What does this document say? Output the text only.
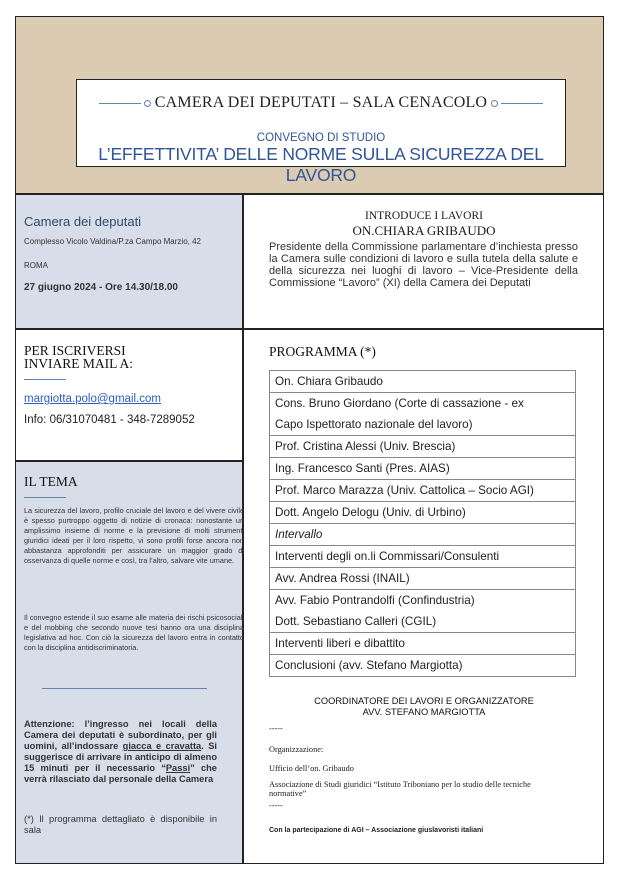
CAMERA DEI DEPUTATI – SALA CENACOLO
CONVEGNO DI STUDIO
L’EFFETTIVITA’ DELLE NORME SULLA SICUREZZA DEL LAVORO
Camera dei deputati
Complesso Vicolo Valdina/P.za Campo Marzio, 42
ROMA
27 giugno 2024 - Ore 14.30/18.00
INTRODUCE I LAVORI
ON.CHIARA GRIBAUDO
Presidente della Commissione parlamentare d’inchiesta presso la Camera sulle condizioni di lavoro e sulla tutela della salute e della sicurezza nei luoghi di lavoro – Vice-Presidente della Commissione “Lavoro” (XI) della Camera dei Deputati
PER ISCRIVERSI
INVIARE MAIL A:
margiotta.polo@gmail.com
Info: 06/31070481 - 348-7289052
IL TEMA
La sicurezza del lavoro, profilo cruciale del lavoro e del vivere civile è spesso purtroppo oggetto di notizie di cronaca: nonostante un amplissimo insieme di norme e la previsione di molti strumenti giuridici ideati per il loro rispetto, vi sono profili forse ancora non abbastanza approfonditi per assicurare un maggior grado di osservanza di quelle norme e così, tra l’altro, salvare vite umane.
Il convegno estende il suo esame alle materia dei rischi psicosociali e del mobbing che secondo nuove tesi hanno ora una disciplina legislativa ad hoc. Con ciò la sicurezza del lavoro entra in contatto con la disciplina antidiscriminatoria.
Attenzione: l’ingresso nei locali della Camera dei deputati è subordinato, per gli uomini, all’indossare giacca e cravatta. Si suggerisce di arrivare in anticipo di almeno 15 minuti per il necessario “Passi” che verrà rilasciato dal personale della Camera
(*) Il programma dettagliato è disponibile in sala
PROGRAMMA (*)
On. Chiara Gribaudo
Cons. Bruno Giordano (Corte di cassazione - ex
Capo Ispettorato nazionale del lavoro)
Prof. Cristina Alessi (Univ. Brescia)
Ing. Francesco Santi (Pres. AIAS)
Prof. Marco Marazza (Univ. Cattolica – Socio AGI)
Dott. Angelo Delogu (Univ. di Urbino)
Intervallo
Interventi degli on.li Commissari/Consulenti
Avv. Andrea Rossi (INAIL)
Avv. Fabio Pontrandolfi (Confindustria)
Dott. Sebastiano Calleri (CGIL)
Interventi liberi e dibattito
Conclusioni (avv. Stefano Margiotta)
COORDINATORE DEI LAVORI E ORGANIZZATORE
AVV. STEFANO MARGIOTTA
-----
Organizzazione:
Ufficio dell’on. Gribaudo
Associazione di Studi giuridici “Istituto Triboniano per lo studio delle tecniche normative”
-----
Con la partecipazione di AGI – Associazione giuslavoristi italiani
